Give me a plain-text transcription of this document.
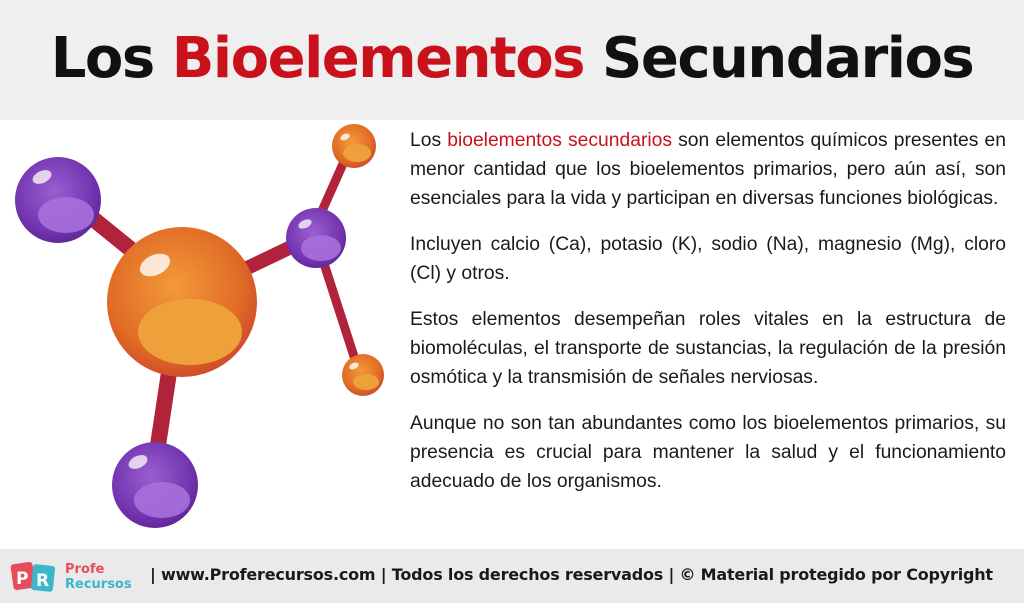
Los Bioelementos Secundarios

Los bioelementos secundarios son elementos químicos presentes en menor cantidad que los bioelementos primarios, pero aún así, son esenciales para la vida y participan en diversas funciones biológicas.

Incluyen calcio (Ca), potasio (K), sodio (Na), magnesio (Mg), cloro (Cl) y otros.

Estos elementos desempeñan roles vitales en la estructura de biomoléculas, el transporte de sustancias, la regulación de la presión osmótica y la transmisión de señales nerviosas.

Aunque no son tan abundantes como los bioelementos primarios, su presencia es crucial para mantener la salud y el funcionamiento adecuado de los organismos.

P R
Profe
Recursos
| www.Proferecursos.com | Todos los derechos reservados | © Material protegido por Copyright
